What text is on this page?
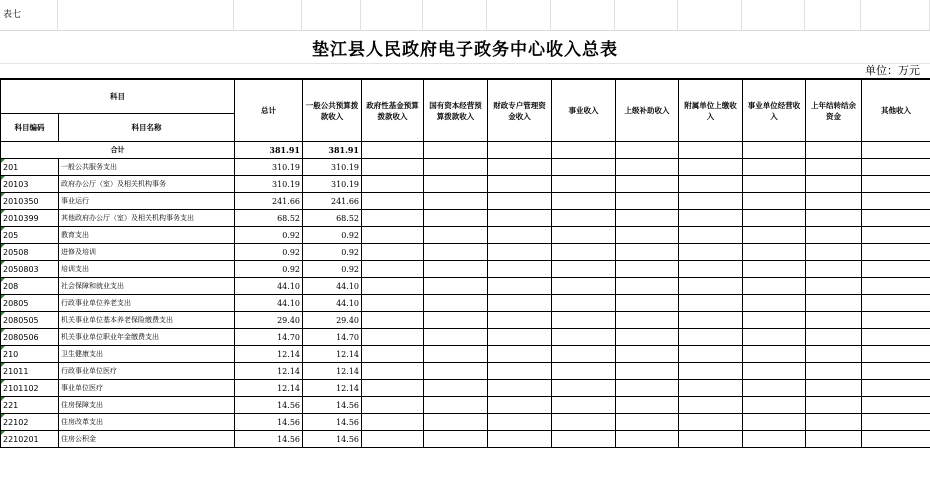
表七
垫江县人民政府电子政务中心收入总表
单位：万元
科目		总计	一般公共预算拨款收入	政府性基金预算拨款收入	国有资本经营预算拨款收入	财政专户管理资金收入	事业收入	上级补助收入	附属单位上缴收入	事业单位经营收入	上年结转结余资金	其他收入
科目编码	科目名称											
合计		381.91	381.91									
201	一般公共服务支出	310.19	310.19									
20103	政府办公厅（室）及相关机构事务	310.19	310.19									
2010350	事业运行	241.66	241.66									
2010399	其他政府办公厅（室）及相关机构事务支出	68.52	68.52									
205	教育支出	0.92	0.92									
20508	进修及培训	0.92	0.92									
2050803	培训支出	0.92	0.92									
208	社会保障和就业支出	44.10	44.10									
20805	行政事业单位养老支出	44.10	44.10									
2080505	机关事业单位基本养老保险缴费支出	29.40	29.40									
2080506	机关事业单位职业年金缴费支出	14.70	14.70									
210	卫生健康支出	12.14	12.14									
21011	行政事业单位医疗	12.14	12.14									
2101102	事业单位医疗	12.14	12.14									
221	住房保障支出	14.56	14.56									
22102	住房改革支出	14.56	14.56									
2210201	住房公积金	14.56	14.56									
